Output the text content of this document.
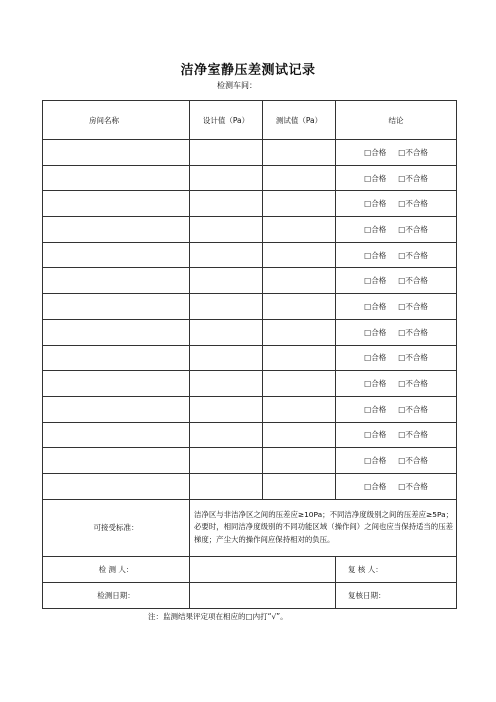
洁净室静压差测试记录
检测车间：
房间名称	设计值（Pa）	测试值（Pa）	结论
			□合格 □不合格
			□合格 □不合格
			□合格 □不合格
			□合格 □不合格
			□合格 □不合格
			□合格 □不合格
			□合格 □不合格
			□合格 □不合格
			□合格 □不合格
			□合格 □不合格
			□合格 □不合格
			□合格 □不合格
			□合格 □不合格
			□合格 □不合格
可接受标准：	洁净区与非洁净区之间的压差应≥10Pa；不同洁净度级别之间的压差应≥5Pa；必要时，相同洁净度级别的不同功能区域（操作间）之间也应当保持适当的压差梯度；产尘大的操作间应保持相对的负压。		
检 测 人：			复 核 人：
检测日期：			复核日期：
注：监测结果评定项在相应的□内打“√”。
